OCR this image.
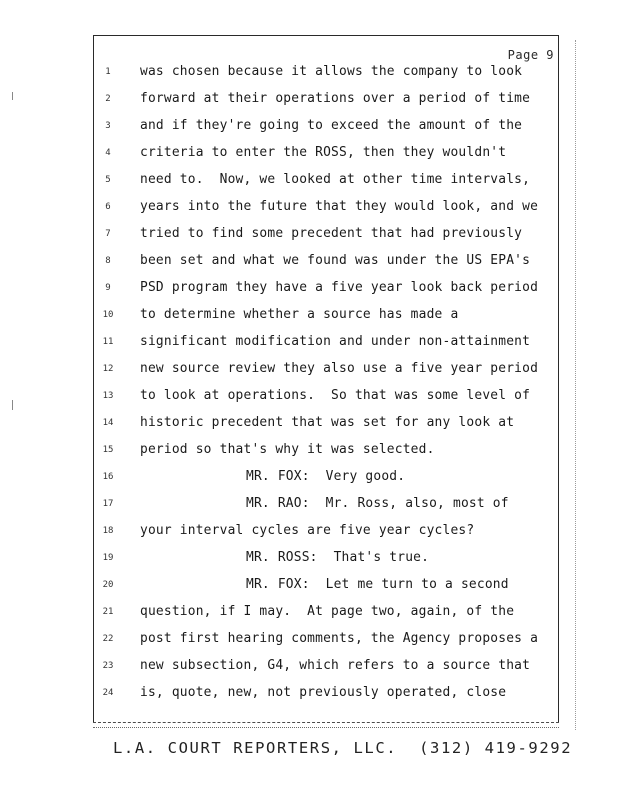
Page 9
1	was chosen because it allows the company to look
2	forward at their operations over a period of time
3	and if they're going to exceed the amount of the
4	criteria to enter the ROSS, then they wouldn't
5	need to.  Now, we looked at other time intervals,
6	years into the future that they would look, and we
7	tried to find some precedent that had previously
8	been set and what we found was under the US EPA's
9	PSD program they have a five year look back period
10	to determine whether a source has made a
11	significant modification and under non-attainment
12	new source review they also use a five year period
13	to look at operations.  So that was some level of
14	historic precedent that was set for any look at
15	period so that's why it was selected.
16	MR. FOX:  Very good.
17	MR. RAO:  Mr. Ross, also, most of
18	your interval cycles are five year cycles?
19	MR. ROSS:  That's true.
20	MR. FOX:  Let me turn to a second
21	question, if I may.  At page two, again, of the
22	post first hearing comments, the Agency proposes a
23	new subsection, G4, which refers to a source that
24	is, quote, new, not previously operated, close
L.A. COURT REPORTERS, LLC.  (312) 419-9292
